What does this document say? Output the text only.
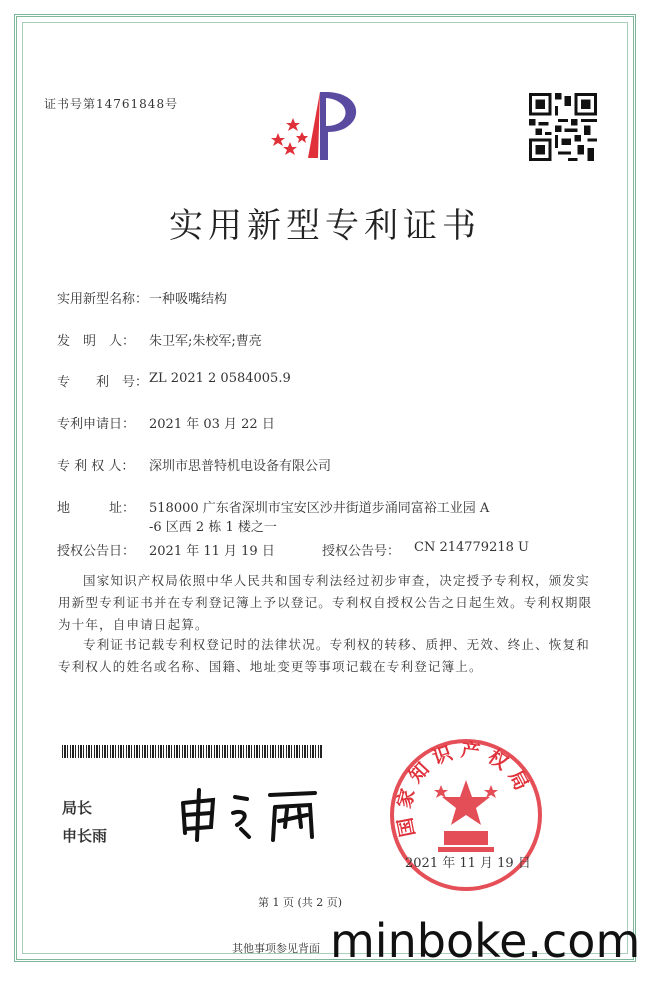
证书号第14761848号
实用新型专利证书
实用新型名称： 一种吸嘴结构
发　明　人：	朱卫军;朱校军;曹亮
专　　利　号： ZL 2021 2 0584005.9
专利申请日：	2021 年 03 月 22 日
专 利 权 人：	深圳市思普特机电设备有限公司
地　　　址：	518000 广东省深圳市宝安区沙井街道步涌同富裕工业园 A
-6 区西 2 栋 1 楼之一
授权公告日：	2021 年 11 月 19 日	授权公告号：	CN 214779218 U
国家知识产权局依照中华人民共和国专利法经过初步审查，决定授予专利权，颁发实用新型专利证书并在专利登记簿上予以登记。专利权自授权公告之日起生效。专利权期限为十年，自申请日起算。
专利证书记载专利权登记时的法律状况。专利权的转移、质押、无效、终止、恢复和专利权人的姓名或名称、国籍、地址变更等事项记载在专利登记簿上。
局长
申长雨	国家知识产权局
2021 年 11 月 19 日
第 1 页 (共 2 页)
其他事项参见背面 minboke.com
